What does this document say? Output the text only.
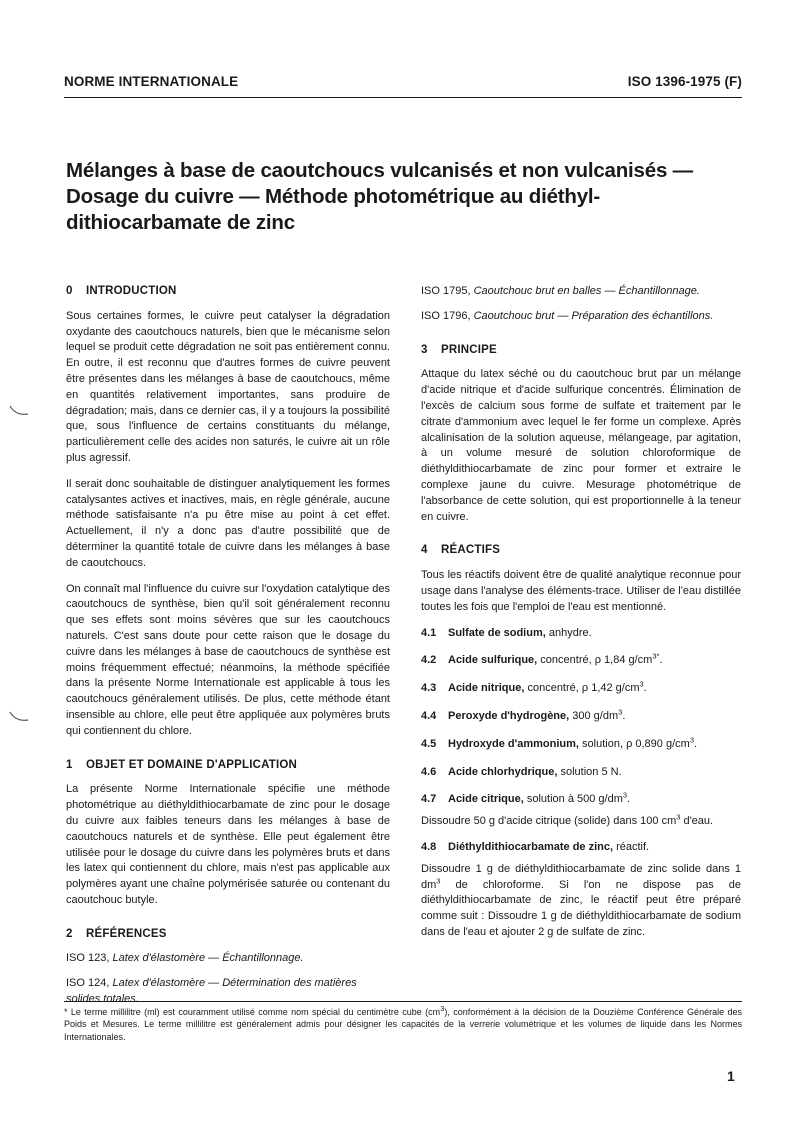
NORME INTERNATIONALE	ISO 1396-1975 (F)
Mélanges à base de caoutchoucs vulcanisés et non vulcanisés —
Dosage du cuivre — Méthode photométrique au diéthyl-
dithiocarbamate de zinc
0 INTRODUCTION

Sous certaines formes, le cuivre peut catalyser la dégradation oxydante des caoutchoucs naturels, bien que le mécanisme selon lequel se produit cette dégradation ne soit pas entièrement connu. En outre, il est reconnu que d'autres formes de cuivre peuvent être présentes dans les mélanges à base de caoutchoucs, même en quantités relativement importantes, sans produire de dégradation; mais, dans ce dernier cas, il y a toujours la possibilité que, sous l'influence de certains constituants du mélange, particulièrement celle des acides non saturés, le cuivre ait un rôle plus agressif.

Il serait donc souhaitable de distinguer analytiquement les formes catalysantes actives et inactives, mais, en règle générale, aucune méthode satisfaisante n'a pu être mise au point à cet effet. Actuellement, il n'y a donc pas d'autre possibilité que de déterminer la quantité totale de cuivre dans les mélanges à base de caoutchoucs.

On connaît mal l'influence du cuivre sur l'oxydation catalytique des caoutchoucs de synthèse, bien qu'il soit généralement reconnu que ses effets sont moins sévères que sur les caoutchoucs naturels. C'est sans doute pour cette raison que le dosage du cuivre dans les mélanges à base de caoutchoucs de synthèse est moins fréquemment effectué; néanmoins, la méthode spécifiée dans la présente Norme Internationale est applicable à tous les caoutchoucs généralement utilisés. De plus, cette méthode étant insensible au chlore, elle peut être appliquée aux polymères bruts qui contiennent du chlore.

1 OBJET ET DOMAINE D'APPLICATION

La présente Norme Internationale spécifie une méthode photométrique au diéthyldithiocarbamate de zinc pour le dosage du cuivre aux faibles teneurs dans les mélanges à base de caoutchoucs naturels et de synthèse. Elle peut également être utilisée pour le dosage du cuivre dans les polymères bruts et dans les latex qui contiennent du chlore, mais n'est pas applicable aux polymères ayant une chaîne polymérisée saturée ou contenant du caoutchouc butyle.

2 RÉFÉRENCES
ISO 123, Latex d'élastomère — Échantillonnage.
ISO 124, Latex d'élastomère — Détermination des matières solides totales.
ISO 1795, Caoutchouc brut en balles — Échantillonnage.
ISO 1796, Caoutchouc brut — Préparation des échantillons.
3 PRINCIPE

Attaque du latex séché ou du caoutchouc brut par un mélange d'acide nitrique et d'acide sulfurique concentrés. Élimination de l'excès de calcium sous forme de sulfate et traitement par le citrate d'ammonium avec lequel le fer forme un complexe. Après alcalinisation de la solution aqueuse, mélangeage, par agitation, à un volume mesuré de solution chloroformique de diéthyldithiocarbamate de zinc pour former et extraire le complexe jaune du cuivre. Mesurage photométrique de l'absorbance de cette solution, qui est proportionnelle à la teneur en cuivre.

4 RÉACTIFS

Tous les réactifs doivent être de qualité analytique reconnue pour usage dans l'analyse des éléments-trace. Utiliser de l'eau distillée toutes les fois que l'emploi de l'eau est mentionné.

4.1 Sulfate de sodium, anhydre.
4.2 Acide sulfurique, concentré, ρ 1,84 $g/cm^{3*}$.
4.3 Acide nitrique, concentré, ρ 1,42 $g/cm^3$.
4.4 Peroxyde d'hydrogène, 300 $g/dm^3$.
4.5 Hydroxyde d'ammonium, solution, ρ 0,890 $g/cm^3$.
4.6 Acide chlorhydrique, solution 5 N.
4.7 Acide citrique, solution à 500 $g/dm^3$.

Dissoudre 50 g d'acide citrique (solide) dans 100 $cm^3$ d'eau.

4.8 Diéthyldithiocarbamate de zinc, réactif.

Dissoudre 1 g de diéthyldithiocarbamate de zinc solide dans 1 $dm^3$ de chloroforme. Si l'on ne dispose pas de diéthyldithiocarbamate de zinc, le réactif peut être préparé comme suit : Dissoudre 1 g de diéthyldithiocarbamate de sodium dans de l'eau et ajouter 2 g de sulfate de zinc.

* Le terme millilitre (ml) est couramment utilisé comme nom spécial du centimètre cube $(cm^3)$, conformément à la décision de la Douzième Conférence Générale des Poids et Mesures. Le terme millilitre est généralement admis pour désigner les capacités de la verrerie volumétrique et les volumes de liquide dans les Normes Internationales.
1
